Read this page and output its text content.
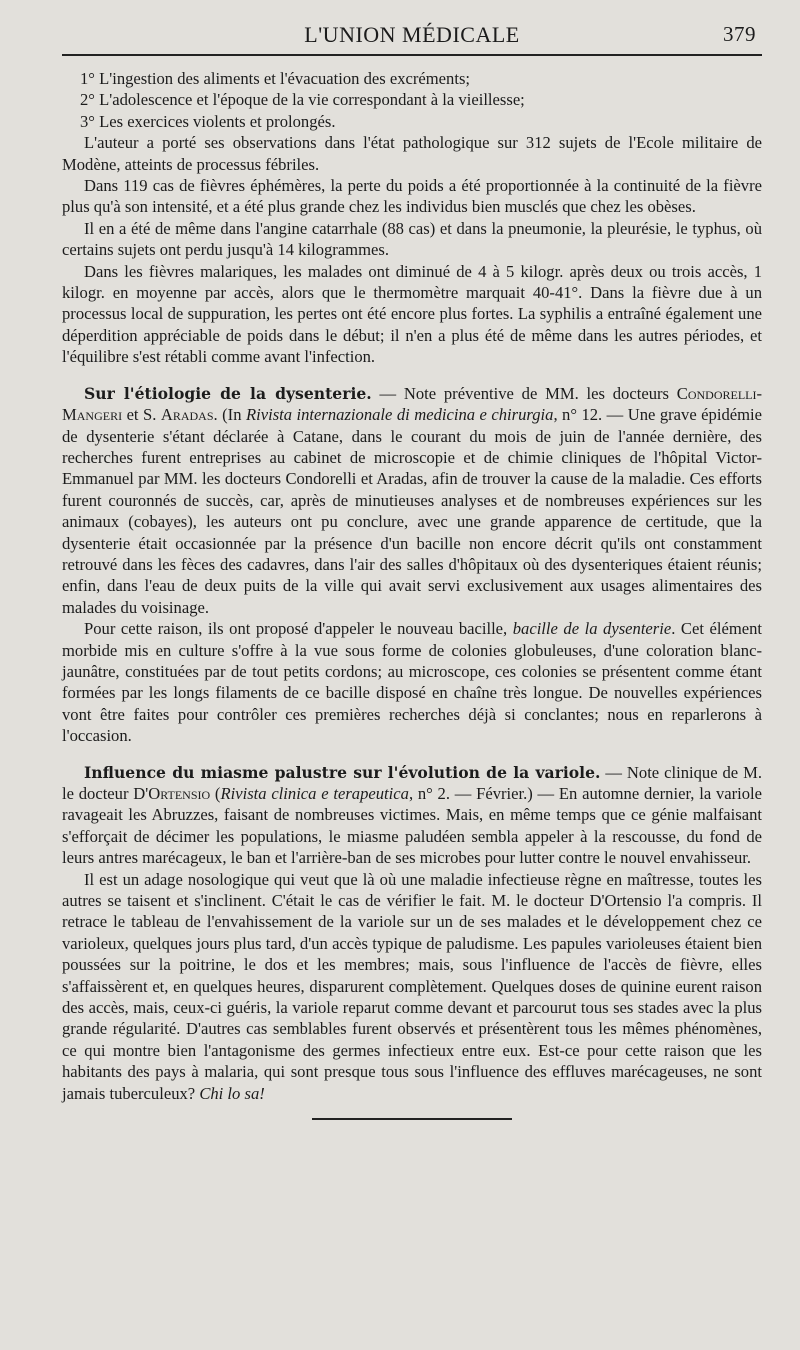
L'UNION MÉDICALE	379

1° L'ingestion des aliments et l'évacuation des excréments;

2° L'adolescence et l'époque de la vie correspondant à la vieillesse;

3° Les exercices violents et prolongés.

L'auteur a porté ses observations dans l'état pathologique sur 312 sujets de l'Ecole militaire de Modène, atteints de processus fébriles.

Dans 119 cas de fièvres éphémères, la perte du poids a été proportionnée à la continuité de la fièvre plus qu'à son intensité, et a été plus grande chez les individus bien musclés que chez les obèses.

Il en a été de même dans l'angine catarrhale (88 cas) et dans la pneumonie, la pleurésie, le typhus, où certains sujets ont perdu jusqu'à 14 kilogrammes.

Dans les fièvres malariques, les malades ont diminué de 4 à 5 kilogr. après deux ou trois accès, 1 kilogr. en moyenne par accès, alors que le thermomètre marquait 40-41°. Dans la fièvre due à un processus local de suppuration, les pertes ont été encore plus fortes. La syphilis a entraîné également une déperdition appréciable de poids dans le début; il n'en a plus été de même dans les autres périodes, et l'équilibre s'est rétabli comme avant l'infection.

Sur l'étiologie de la dysenterie. — Note préventive de MM. les docteurs Condorelli-Mangeri et S. Aradas. (In Rivista internazionale di medicina e chirurgia, n° 12. — Une grave épidémie de dysenterie s'étant déclarée à Catane, dans le courant du mois de juin de l'année dernière, des recherches furent entreprises au cabinet de microscopie et de chimie cliniques de l'hôpital Victor-Emmanuel par MM. les docteurs Condorelli et Aradas, afin de trouver la cause de la maladie. Ces efforts furent couronnés de succès, car, après de minutieuses analyses et de nombreuses expériences sur les animaux (cobayes), les auteurs ont pu conclure, avec une grande apparence de certitude, que la dysenterie était occasionnée par la présence d'un bacille non encore décrit qu'ils ont constamment retrouvé dans les fèces des cadavres, dans l'air des salles d'hôpitaux où des dysenteriques étaient réunis; enfin, dans l'eau de deux puits de la ville qui avait servi exclusivement aux usages alimentaires des malades du voisinage.

Pour cette raison, ils ont proposé d'appeler le nouveau bacille, bacille de la dysenterie. Cet élément morbide mis en culture s'offre à la vue sous forme de colonies globuleuses, d'une coloration blanc-jaunâtre, constituées par de tout petits cordons; au microscope, ces colonies se présentent comme étant formées par les longs filaments de ce bacille disposé en chaîne très longue. De nouvelles expériences vont être faites pour contrôler ces premières recherches déjà si conclantes; nous en reparlerons à l'occasion.

Influence du miasme palustre sur l'évolution de la variole. — Note clinique de M. le docteur D'Ortensio (Rivista clinica e terapeutica, n° 2. — Février.) — En automne dernier, la variole ravageait les Abruzzes, faisant de nombreuses victimes. Mais, en même temps que ce génie malfaisant s'efforçait de décimer les populations, le miasme paludéen sembla appeler à la rescousse, du fond de leurs antres marécageux, le ban et l'arrière-ban de ses microbes pour lutter contre le nouvel envahisseur.

Il est un adage nosologique qui veut que là où une maladie infectieuse règne en maîtresse, toutes les autres se taisent et s'inclinent. C'était le cas de vérifier le fait. M. le docteur D'Ortensio l'a compris. Il retrace le tableau de l'envahissement de la variole sur un de ses malades et le développement chez ce varioleux, quelques jours plus tard, d'un accès typique de paludisme. Les papules varioleuses étaient bien poussées sur la poitrine, le dos et les membres; mais, sous l'influence de l'accès de fièvre, elles s'affaissèrent et, en quelques heures, disparurent complètement. Quelques doses de quinine eurent raison des accès, mais, ceux-ci guéris, la variole reparut comme devant et parcourut tous ses stades avec la plus grande régularité. D'autres cas semblables furent observés et présentèrent tous les mêmes phénomènes, ce qui montre bien l'antagonisme des germes infectieux entre eux. Est-ce pour cette raison que les habitants des pays à malaria, qui sont presque tous sous l'influence des effluves marécageuses, ne sont jamais tuberculeux? Chi lo sa!
